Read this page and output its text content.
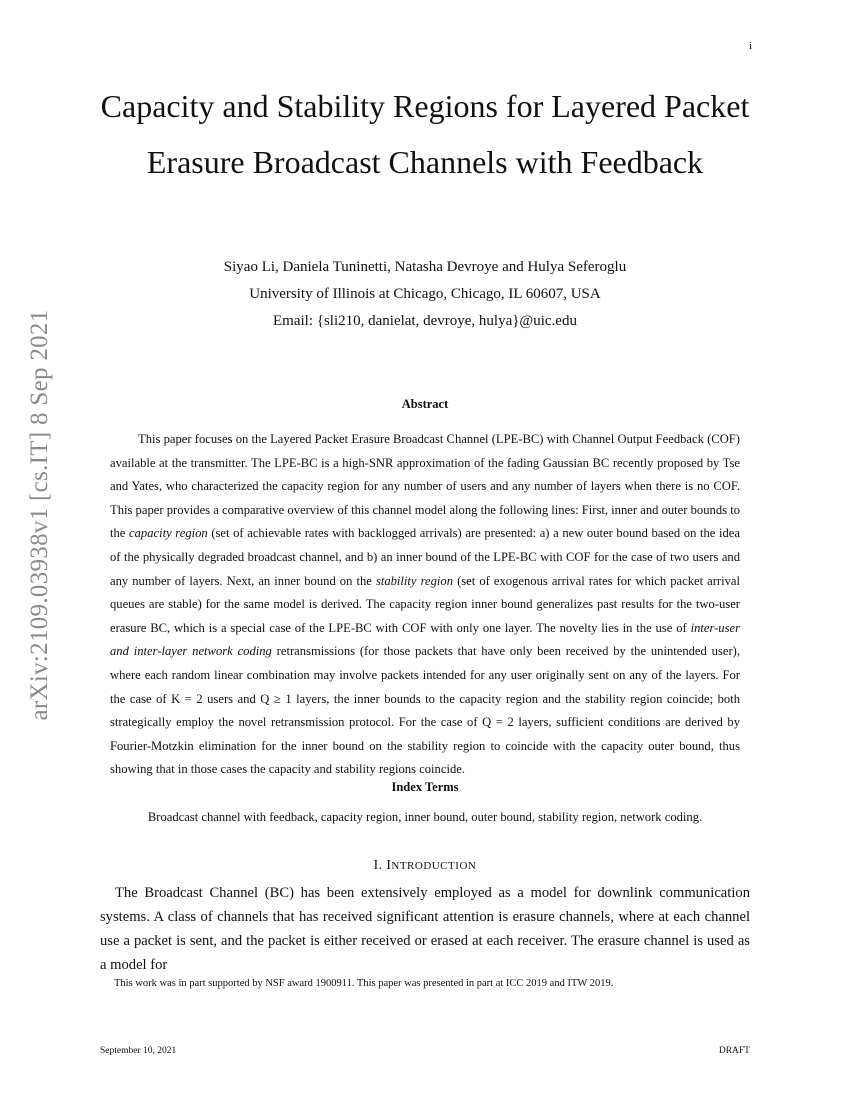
i
arXiv:2109.03938v1 [cs.IT] 8 Sep 2021
Capacity and Stability Regions for Layered Packet Erasure Broadcast Channels with Feedback
Siyao Li, Daniela Tuninetti, Natasha Devroye and Hulya Seferoglu
University of Illinois at Chicago, Chicago, IL 60607, USA
Email: {sli210, danielat, devroye, hulya}@uic.edu
Abstract

This paper focuses on the Layered Packet Erasure Broadcast Channel (LPE-BC) with Channel Output Feedback (COF) available at the transmitter. The LPE-BC is a high-SNR approximation of the fading Gaussian BC recently proposed by Tse and Yates, who characterized the capacity region for any number of users and any number of layers when there is no COF. This paper provides a comparative overview of this channel model along the following lines: First, inner and outer bounds to the capacity region (set of achievable rates with backlogged arrivals) are presented: a) a new outer bound based on the idea of the physically degraded broadcast channel, and b) an inner bound of the LPE-BC with COF for the case of two users and any number of layers. Next, an inner bound on the stability region (set of exogenous arrival rates for which packet arrival queues are stable) for the same model is derived. The capacity region inner bound generalizes past results for the two-user erasure BC, which is a special case of the LPE-BC with COF with only one layer. The novelty lies in the use of inter-user and inter-layer network coding retransmissions (for those packets that have only been received by the unintended user), where each random linear combination may involve packets intended for any user originally sent on any of the layers. For the case of K = 2 users and Q ≥ 1 layers, the inner bounds to the capacity region and the stability region coincide; both strategically employ the novel retransmission protocol. For the case of Q = 2 layers, sufficient conditions are derived by Fourier-Motzkin elimination for the inner bound on the stability region to coincide with the capacity outer bound, thus showing that in those cases the capacity and stability regions coincide.

Index Terms
Broadcast channel with feedback, capacity region, inner bound, outer bound, stability region, network coding.
I. INTRODUCTION

The Broadcast Channel (BC) has been extensively employed as a model for downlink communication systems. A class of channels that has received significant attention is erasure channels, where at each channel use a packet is sent, and the packet is either received or erased at each receiver. The erasure channel is used as a model for

This work was in part supported by NSF award 1900911. This paper was presented in part at ICC 2019 and ITW 2019.
September 10, 2021	DRAFT
